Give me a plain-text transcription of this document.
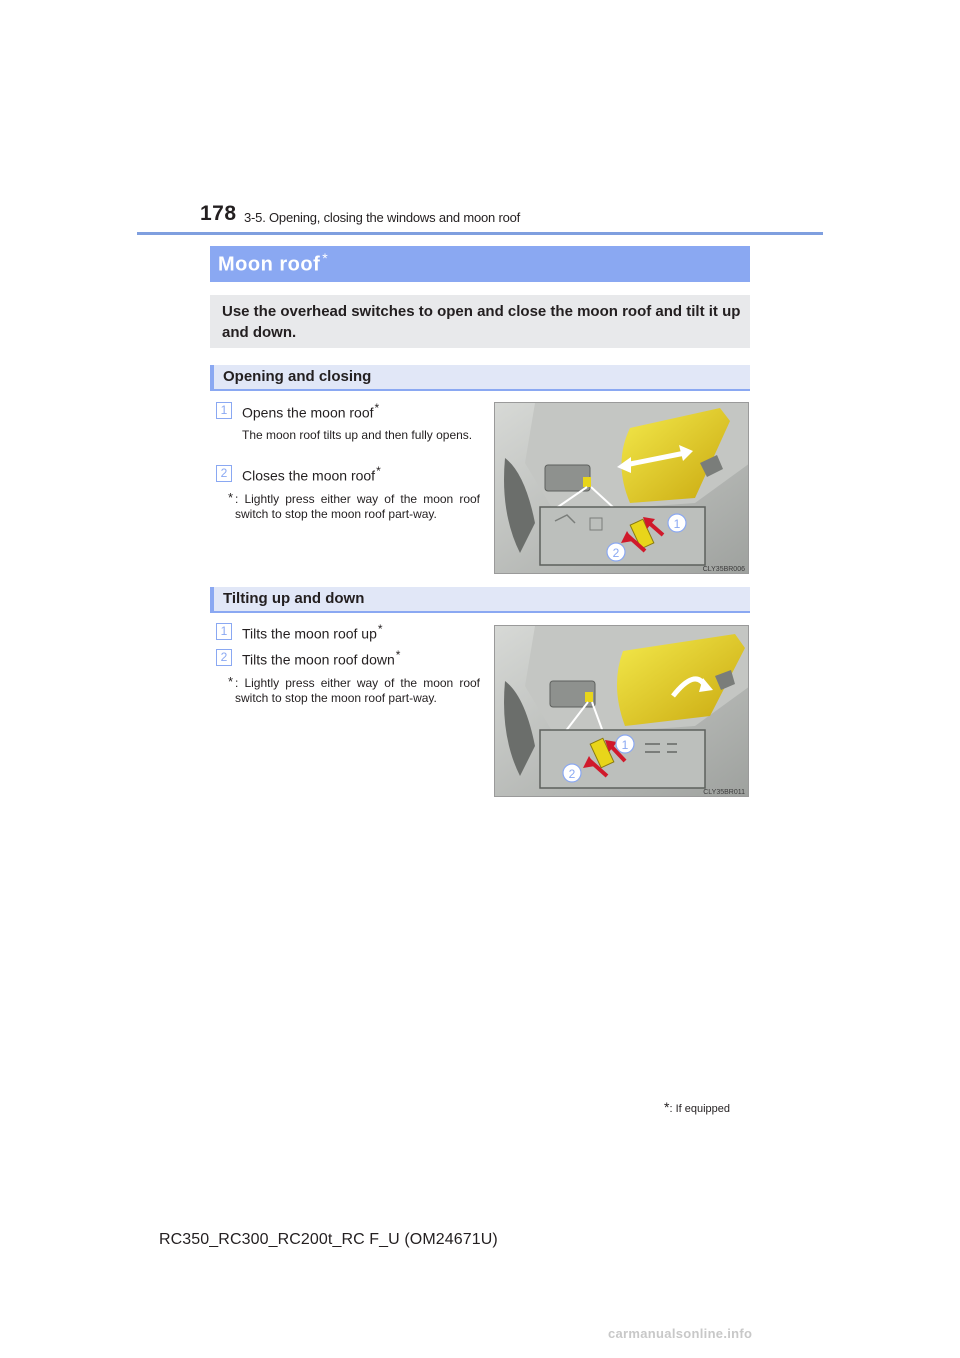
178 3-5. Opening, closing the windows and moon roof
Moon roof *
Use the overhead switches to open and close the moon roof and tilt it up and down.
Opening and closing
1	Opens the moon roof*
The moon roof tilts up and then fully opens.
2	Closes the moon roof*
* : Lightly press either way of the moon roof switch to stop the moon roof part-way.
1
2
CLY35BR006
Tilting up and down
1	Tilts the moon roof up*
2	Tilts the moon roof down*
* : Lightly press either way of the moon roof switch to stop the moon roof part-way.
1
2
CLY35BR011
*: If equipped
RC350_RC300_RC200t_RC F_U (OM24671U)
carmanualsonline.info
